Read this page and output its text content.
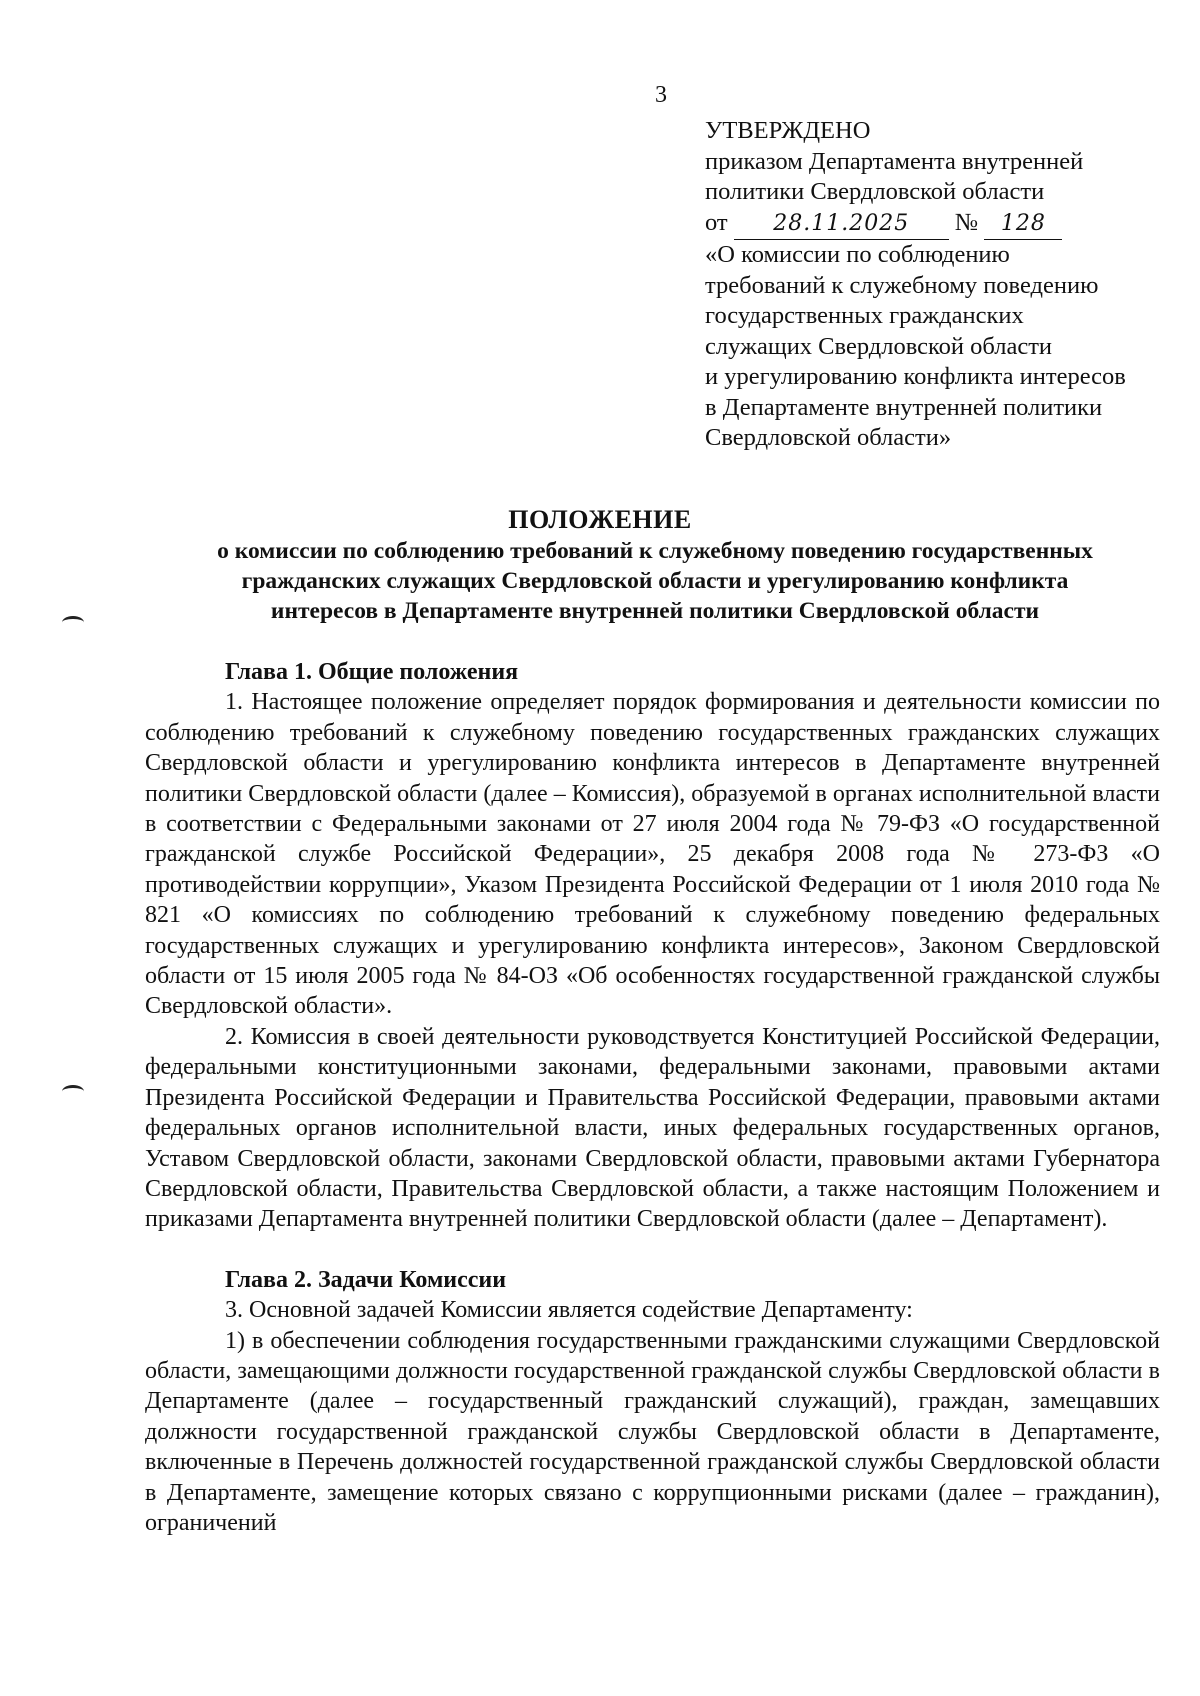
3
УТВЕРЖДЕНО
приказом Департамента внутренней
политики Свердловской области
от 28.11.2025 № 128
«О комиссии по соблюдению
требований к служебному поведению
государственных гражданских
служащих Свердловской области
и урегулированию конфликта интересов
в Департаменте внутренней политики
Свердловской области»
ПОЛОЖЕНИЕ
о комиссии по соблюдению требований к служебному поведению государственных
гражданских служащих Свердловской области и урегулированию конфликта
интересов в Департаменте внутренней политики Свердловской области

Глава 1. Общие положения

1. Настоящее положение определяет порядок формирования и деятельности комиссии по соблюдению требований к служебному поведению государственных гражданских служащих Свердловской области и урегулированию конфликта интересов в Департаменте внутренней политики Свердловской области (далее – Комиссия), образуемой в органах исполнительной власти в соответствии с Федеральными законами от 27 июля 2004 года № 79-ФЗ «О государственной гражданской службе Российской Федерации», 25 декабря 2008 года № 273-ФЗ «О противодействии коррупции», Указом Президента Российской Федерации от 1 июля 2010 года № 821 «О комиссиях по соблюдению требований к служебному поведению федеральных государственных служащих и урегулированию конфликта интересов», Законом Свердловской области от 15 июля 2005 года № 84-ОЗ «Об особенностях государственной гражданской службы Свердловской области».

2. Комиссия в своей деятельности руководствуется Конституцией Российской Федерации, федеральными конституционными законами, федеральными законами, правовыми актами Президента Российской Федерации и Правительства Российской Федерации, правовыми актами федеральных органов исполнительной власти, иных федеральных государственных органов, Уставом Свердловской области, законами Свердловской области, правовыми актами Губернатора Свердловской области, Правительства Свердловской области, а также настоящим Положением и приказами Департамента внутренней политики Свердловской области (далее – Департамент).

Глава 2. Задачи Комиссии

3. Основной задачей Комиссии является содействие Департаменту:

1) в обеспечении соблюдения государственными гражданскими служащими Свердловской области, замещающими должности государственной гражданской службы Свердловской области в Департаменте (далее – государственный гражданский служащий), граждан, замещавших должности государственной гражданской службы Свердловской области в Департаменте, включенные в Перечень должностей государственной гражданской службы Свердловской области в Департаменте, замещение которых связано с коррупционными рисками (далее – гражданин), ограничений
